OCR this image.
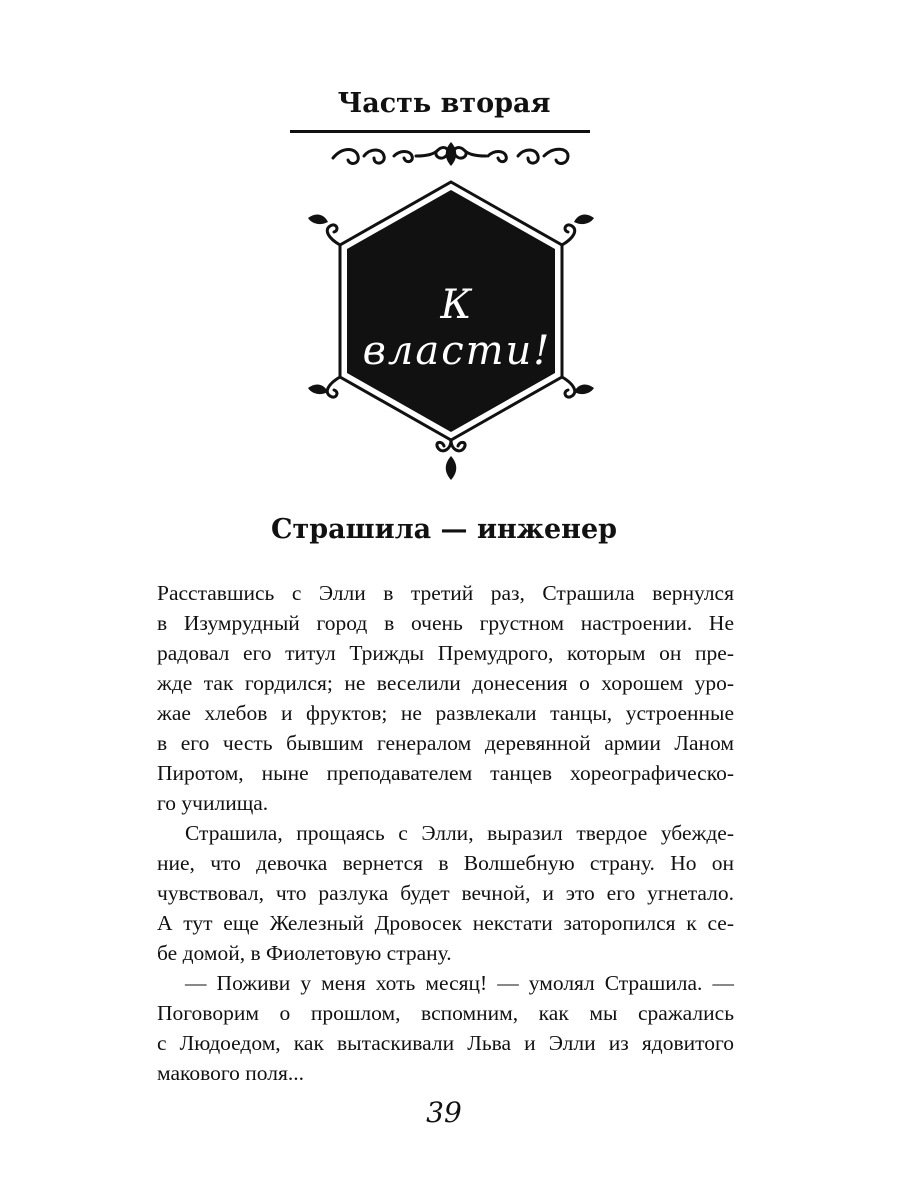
Часть вторая
К власти!
Страшила — инженер
Расставшись с Элли в третий раз, Страшила вернулся
в Изумрудный город в очень грустном настроении. Не
радовал его титул Трижды Премудрого, которым он пре-
жде так гордился; не веселили донесения о хорошем уро-
жае хлебов и фруктов; не развлекали танцы, устроенные
в его честь бывшим генералом деревянной армии Ланом
Пиротом, ныне преподавателем танцев хореографическо-
го училища.
Страшила, прощаясь с Элли, выразил твердое убежде-
ние, что девочка вернется в Волшебную страну. Но он
чувствовал, что разлука будет вечной, и это его угнетало.
А тут еще Железный Дровосек некстати заторопился к се-
бе домой, в Фиолетовую страну.
— Поживи у меня хоть месяц! — умолял Страшила. —
Поговорим о прошлом, вспомним, как мы сражались
с Людоедом, как вытаскивали Льва и Элли из ядовитого
макового поля...
39
